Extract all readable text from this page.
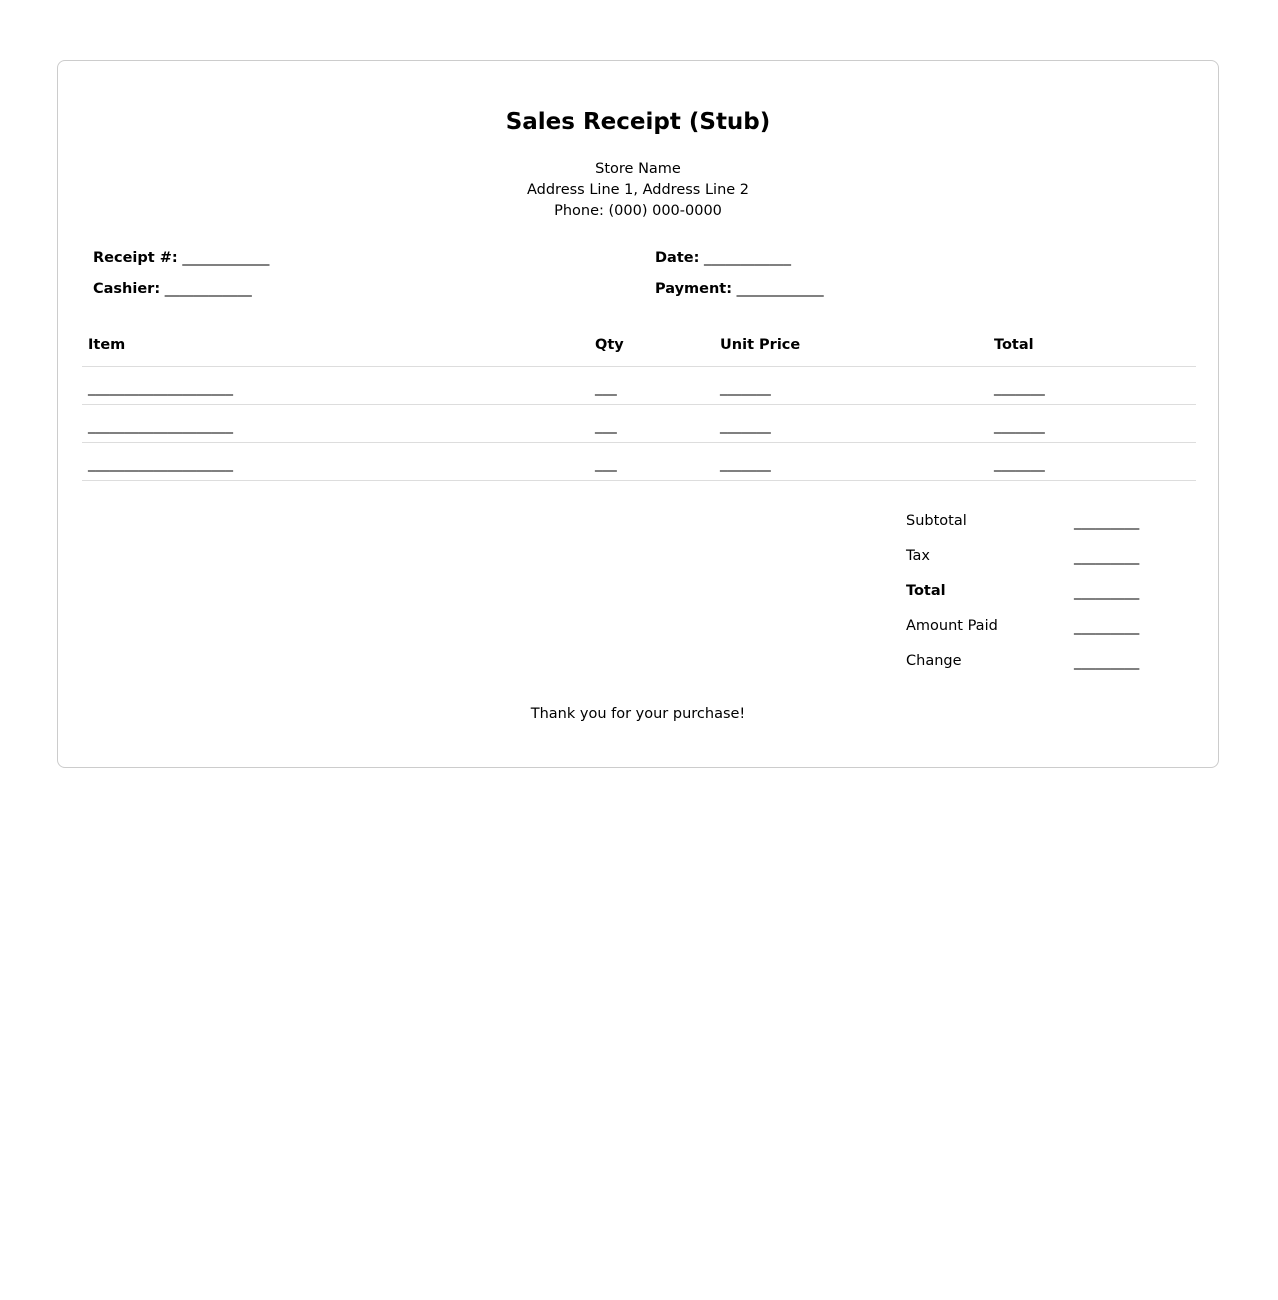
Sales Receipt (Stub)
Store Name
Address Line 1, Address Line 2
Phone: (000) 000-0000
Receipt #: ____________
Cashier: ____________
Date: ____________
Payment: ____________
Item	Qty	Unit Price	Total
____________________	___	_______	_______
____________________	___	_______	_______
____________________	___	_______	_______
Subtotal	_________
Tax	_________
Total	_________
Amount Paid	_________
Change	_________
Thank you for your purchase!
